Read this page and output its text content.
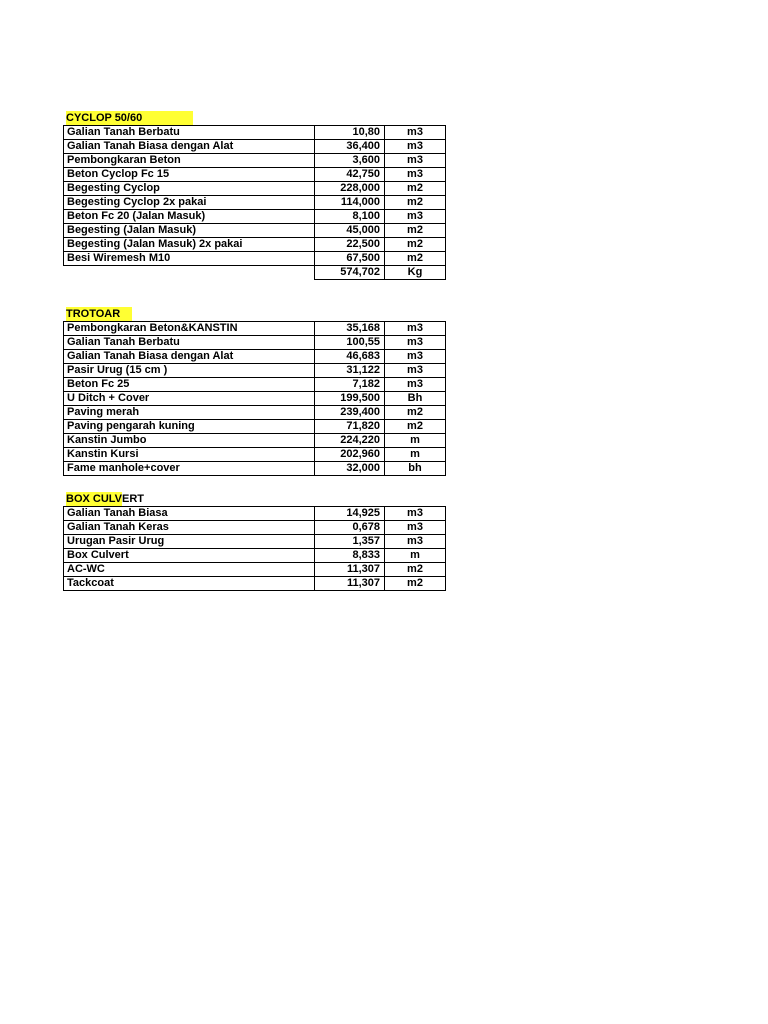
CYCLOP 50/60
Galian Tanah Berbatu	10,80	m3
Galian Tanah Biasa dengan Alat	36,400	m3
Pembongkaran Beton	3,600	m3
Beton Cyclop Fc 15	42,750	m3
Begesting Cyclop	228,000	m2
Begesting Cyclop 2x pakai	114,000	m2
Beton Fc 20 (Jalan Masuk)	8,100	m3
Begesting (Jalan Masuk)	45,000	m2
Begesting (Jalan Masuk) 2x pakai	22,500	m2
Besi Wiremesh M10	67,500	m2
	574,702	Kg
TROTOAR
Pembongkaran Beton&KANSTIN	35,168	m3
Galian Tanah Berbatu	100,55	m3
Galian Tanah Biasa dengan Alat	46,683	m3
Pasir Urug (15 cm )	31,122	m3
Beton Fc 25	7,182	m3
U Ditch + Cover	199,500	Bh
Paving merah	239,400	m2
Paving pengarah kuning	71,820	m2
Kanstin Jumbo	224,220	m
Kanstin Kursi	202,960	m
Fame manhole+cover	32,000	bh
BOX CULVERT
Galian Tanah Biasa	14,925	m3
Galian Tanah Keras	0,678	m3
Urugan Pasir Urug	1,357	m3
Box Culvert	8,833	m
AC-WC	11,307	m2
Tackcoat	11,307	m2
